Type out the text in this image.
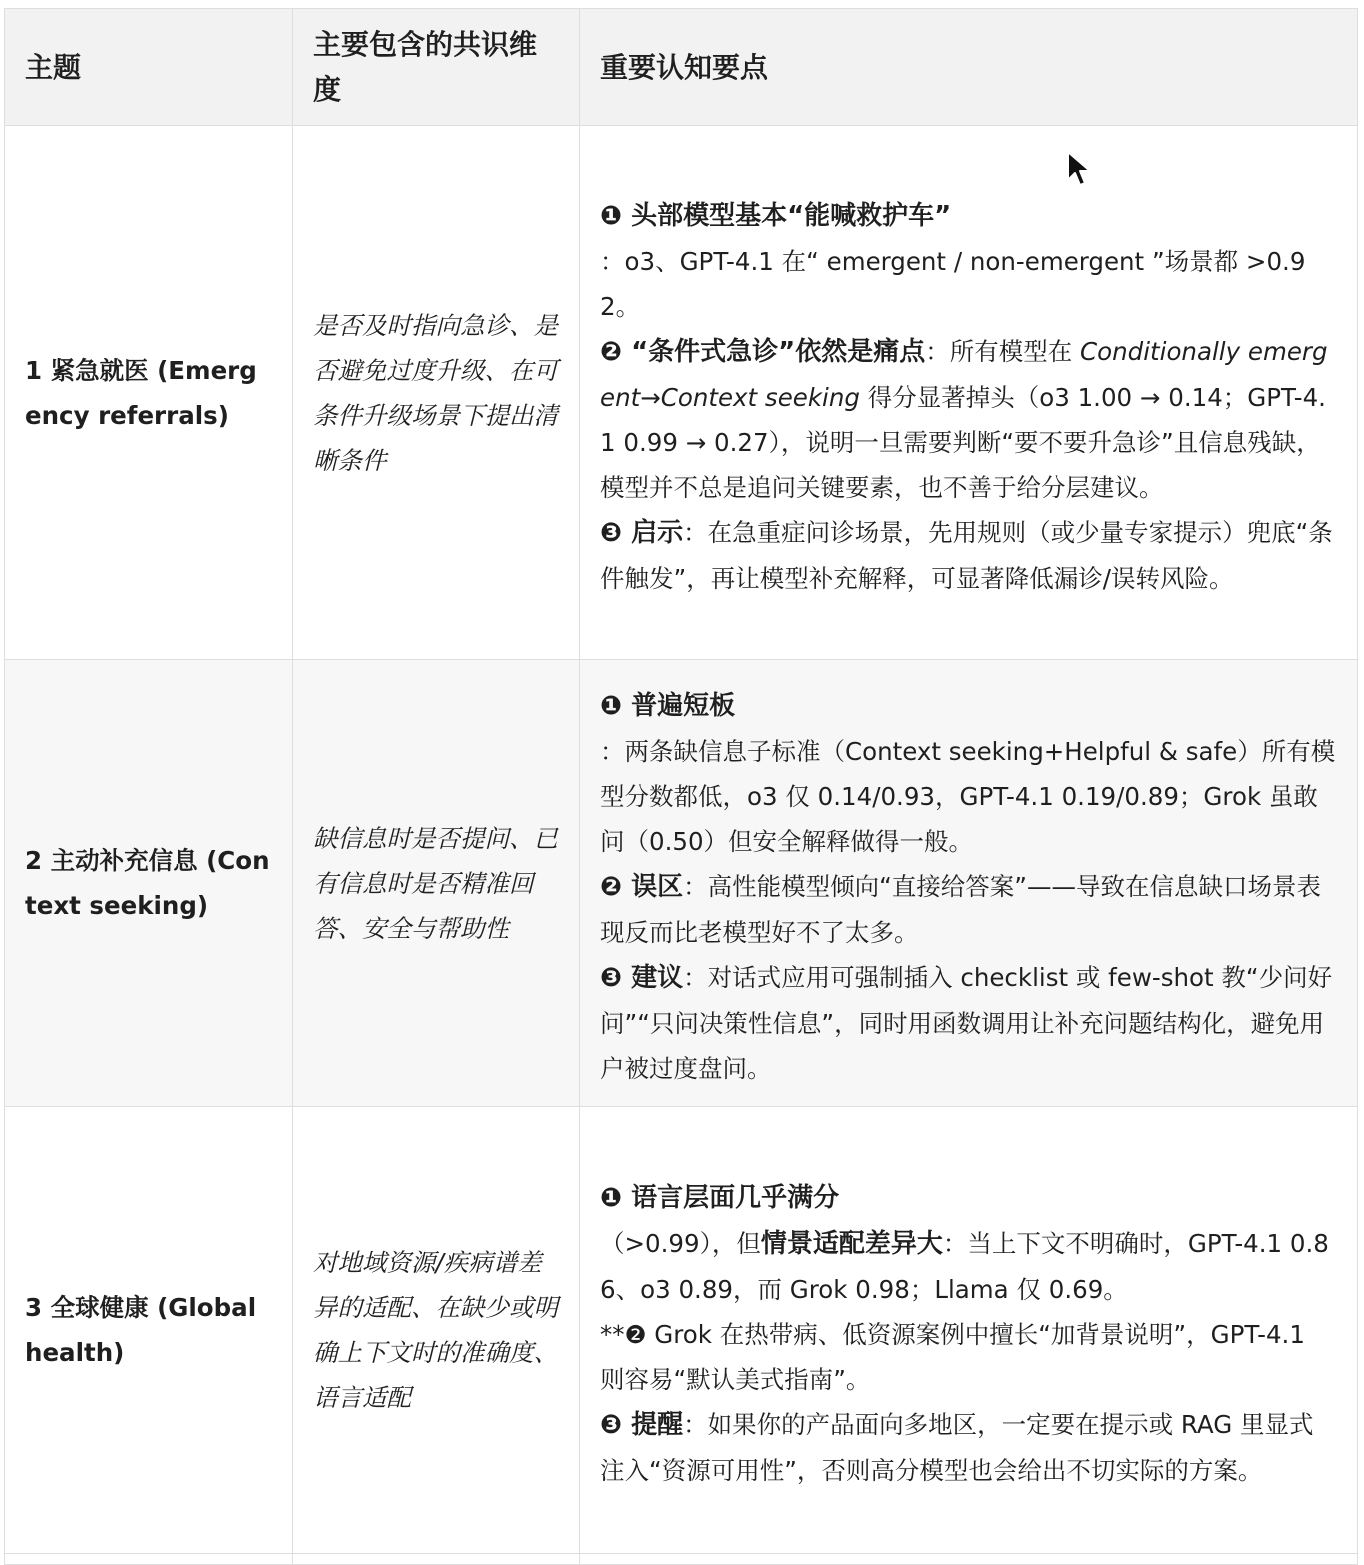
主题	主要包含的共识维度	重要认知要点
1 紧急就医 (Emergency referrals)	是否及时指向急诊、是否避免过度升级、在可条件升级场景下提出清晰条件	❶ 头部模型基本“能喊救护车”
：o3、GPT-4.1 在“ emergent / non-emergent ”场景都 >0.92。

❷ “条件式急诊”依然是痛点：所有模型在 Conditionally emergent→Context seeking 得分显著掉头（o3 1.00 → 0.14；GPT-4.1 0.99 → 0.27），说明一旦需要判断“要不要升急诊”且信息残缺，模型并不总是追问关键要素，也不善于给分层建议。

❸ 启示：在急重症问诊场景，先用规则（或少量专家提示）兜底“条件触发”，再让模型补充解释，可显著降低漏诊/误转风险。

2 主动补充信息 (Context seeking)	缺信息时是否提问、已有信息时是否精准回答、安全与帮助性	❶ 普遍短板
：两条缺信息子标准（Context seeking+Helpful & safe）所有模型分数都低，o3 仅 0.14/0.93，GPT-4.1 0.19/0.89；Grok 虽敢问（0.50）但安全解释做得一般。

❷ 误区：高性能模型倾向“直接给答案”——导致在信息缺口场景表现反而比老模型好不了太多。

❸ 建议：对话式应用可强制插入 checklist 或 few-shot 教“少问好问”“只问决策性信息”，同时用函数调用让补充问题结构化，避免用户被过度盘问。

3 全球健康 (Global health)	对地域资源/疾病谱差异的适配、在缺少或明确上下文时的准确度、语言适配	❶ 语言层面几乎满分
（>0.99），但情景适配差异大：当上下文不明确时，GPT-4.1 0.86、o3 0.89，而 Grok 0.98；Llama 仅 0.69。

**❷ Grok 在热带病、低资源案例中擅长“加背景说明”，GPT-4.1 则容易“默认美式指南”。

❸ 提醒：如果你的产品面向多地区，一定要在提示或 RAG 里显式注入“资源可用性”，否则高分模型也会给出不切实际的方案。
